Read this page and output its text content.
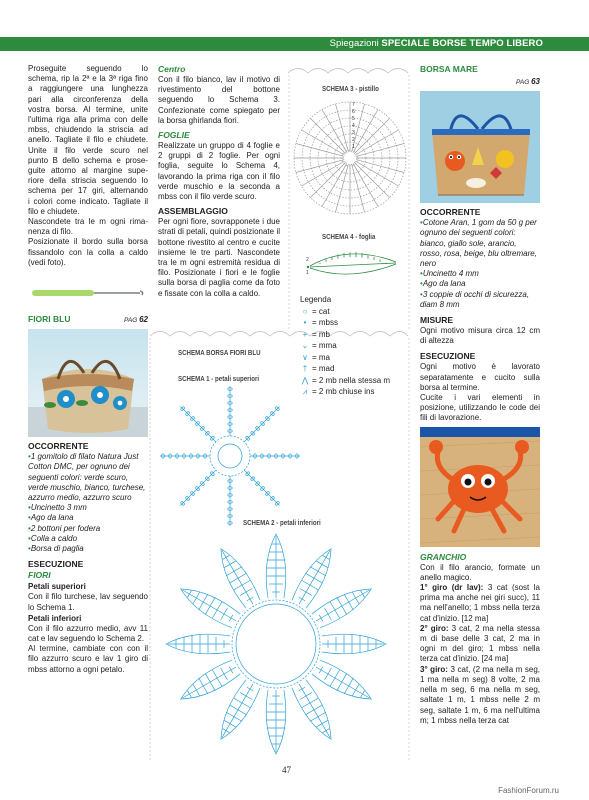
Spiegazioni SPECIALE BORSE TEMPO LIBERO
Proseguite seguendo lo
schema, rip la 2ª e la 3ª riga fino
a raggiungere una lunghezza
pari alla circonferenza della
vostra borsa. Al termine, unite
l'ultima riga alla prima con delle
mbss, chiudendo la striscia ad
anello. Tagliate il filo e chiudete.
Unite il filo verde scuro nel
punto B dello schema e prose-
guite attorno al margine supe-
riore della striscia seguendo lo
schema per 17 giri, alternando
i colori come indicato. Tagliate il
filo e chiudete.
Nascondete tra le m ogni rima-
nenza di filo.
Posizionate il bordo sulla borsa
fissandolo con la colla a caldo
(vedi foto).
FIORI BLU	PAG 62
OCCORRENTE
• 1 gomitolo di filato Natura Just Cotton DMC, per ognuno dei seguenti colori: verde scuro, verde muschio, bianco, turchese, azzurro medio, azzurro scuro
• Uncinetto 3 mm
• Ago da lana
• 2 bottoni per fodera
• Colla a caldo
• Borsa di paglia
ESECUZIONE
FIORI
Petali superiori
Con il filo turchese, lav seguendo lo Schema 1.
Petali inferiori
Con il filo azzurro medio, avv 11 cat e lav seguendo lo Schema 2.
Al termine, cambiate con con il filo azzurro scuro e lav 1 giro di mbss attorno a ogni petalo.
Centro
Con il filo bianco, lav il motivo di rivestimento del bottone seguendo lo Schema 3. Confezionate come spiegato per la borsa ghirlanda fiori.
FOGLIE
Realizzate un gruppo di 4 foglie e 2 gruppi di 2 foglie. Per ogni foglia, seguite lo Schema 4, lavorando la prima riga con il filo verde muschio e la seconda a mbss con il filo verde scuro.
ASSEMBLAGGIO
Per ogni fiore, sovrapponete i due strati di petali, quindi posizionate il bottone rivestito al centro e cucite insieme le tre parti. Nascondete tra le m ogni estremità residua di filo. Posizionate i fiori e le foglie sulla borsa di paglia come da foto e fissate con la colla a caldo.
SCHEMA 3 - pistillo
1
2
3
4
5
6
7
SCHEMA 4 - foglia
2
1
Legenda
○ = cat
• = mbss
+ = mb
⌄ = mma
∨ = ma
† = mad
⋀ = 2 mb nella stessa m
⩘ = 2 mb chiuse ins
SCHEMA BORSA FIORI BLU
SCHEMA 1 - petali superiori
SCHEMA 2 - petali inferiori
BORSA MARE
PAG 63
OCCORRENTE
• Cotone Aran, 1 gom da 50 g per ognuno dei seguenti colori: bianco, giallo sole, arancio, rosso, rosa, beige, blu oltremare, nero
• Uncinetto 4 mm
• Ago da lana
• 3 coppie di occhi di sicurezza, diam 8 mm
MISURE
Ogni motivo misura circa 12 cm di altezza
ESECUZIONE
Ogni motivo è lavorato separatamente e cucito sulla borsa al termine.
Cucite i vari elementi in posizione, utilizzando le code dei fili di lavorazione.
GRANCHIO
Con il filo arancio, formate un anello magico.
1° giro (dr lav): 3 cat (sost la prima ma anche nei giri succ), 11 ma nell'anello; 1 mbss nella terza cat d'inizio. [12 ma]
2° giro: 3 cat, 2 ma nella stessa m di base delle 3 cat, 2 ma in ogni m del giro; 1 mbss nella terza cat d'inizio. [24 ma]
3° giro: 3 cat, (2 ma nella m seg, 1 ma nella m seg) 8 volte, 2 ma nella m seg, 6 ma nella m seg, saltate 1 m, 1 mbss nelle 2 m seg, saltate 1 m, 6 ma nell'ultima m; 1 mbss nella terza cat
47
FashionForum.ru
